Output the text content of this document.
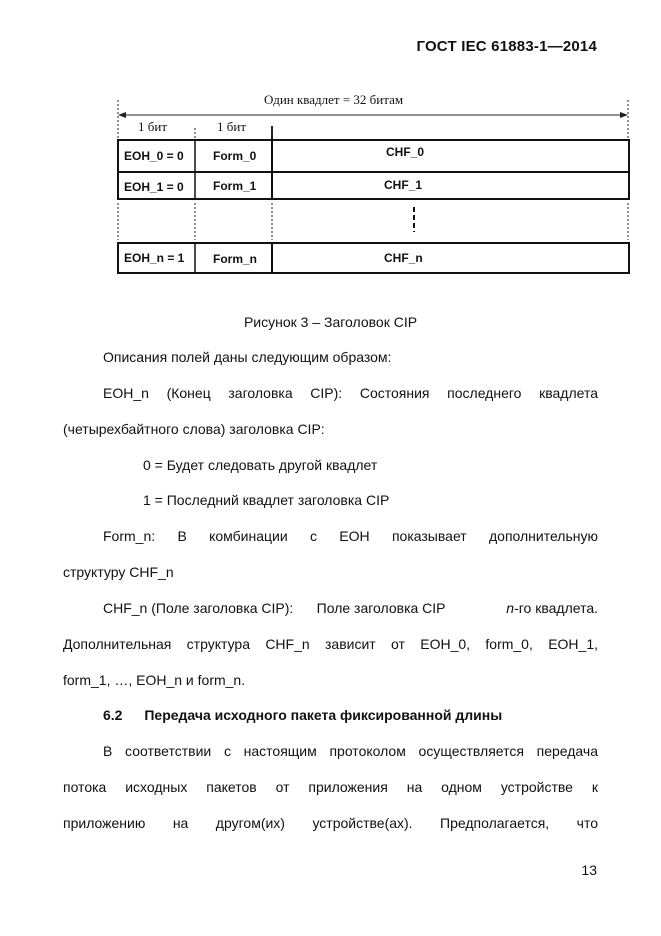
ГОСТ IEC 61883-1—2014
Один квадлет = 32 битам
1 бит	1 бит
EOH_0 = 0 Form_0	CHF_0
EOH_1 = 0 Form_1	CHF_1
EOH_n = 1 Form_n	CHF_n
Рисунок 3 – Заголовок CIP
Описания полей даны следующим образом:
EOH_n (Конец заголовка CIP): Состояния последнего квадлета
(четырехбайтного слова) заголовка CIP:
0 = Будет следовать другой квадлет
1 = Последний квадлет заголовка CIP
Form_n: В комбинации с EOH показывает дополнительную
структуру CHF_n
CHF_n (Поле заголовка CIP):      Поле заголовка CIP	n-го квадлета.
Дополнительная структура CHF_n зависит от EOH_0, form_0, EOH_1,
form_1, …, EOH_n и form_n.
6.2 Передача исходного пакета фиксированной длины
В соответствии с настоящим протоколом осуществляется передача
потока исходных пакетов от приложения на одном устройстве к
приложению на другом(их) устройстве(ах). Предполагается, что
13
